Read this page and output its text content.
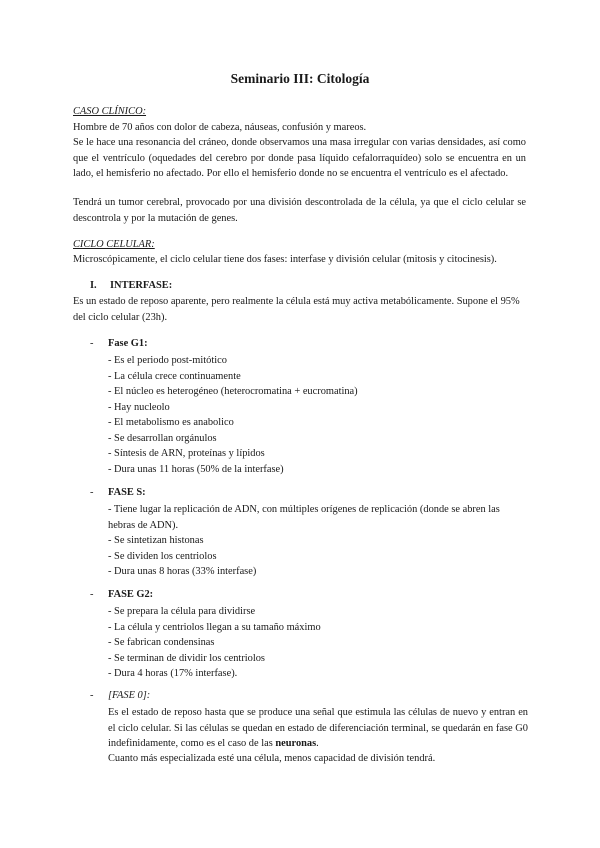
Seminario III: Citología

CASO CLÍNICO:

Hombre de 70 años con dolor de cabeza, náuseas, confusión y mareos.

Se le hace una resonancia del cráneo, donde observamos una masa irregular con varias densidades, así como que el ventrículo (oquedades del cerebro por donde pasa líquido cefalorraquídeo) solo se encuentra en un lado, el hemisferio no afectado. Por ello el hemisferio donde no se encuentra el ventrículo es el afectado.

Tendrá un tumor cerebral, provocado por una división descontrolada de la célula, ya que el ciclo celular se descontrola y por la mutación de genes.

CICLO CELULAR:

Microscópicamente, el ciclo celular tiene dos fases: interfase y división celular (mitosis y citocinesis).

I. INTERFASE:

Es un estado de reposo aparente, pero realmente la célula está muy activa metabólicamente. Supone el 95% del ciclo celular (23h).

- Fase G1:
- Es el periodo post-mitótico
- La célula crece continuamente
- El núcleo es heterogéneo (heterocromatina + eucromatina)
- Hay nucleolo
- El metabolismo es anabolico
- Se desarrollan orgánulos
- Síntesis de ARN, proteínas y lípidos
- Dura unas 11 horas (50% de la interfase)
- FASE S:
- Tiene lugar la replicación de ADN, con múltiples orígenes de replicación (donde se abren las hebras de ADN).
- Se sintetizan histonas
- Se dividen los centriolos
- Dura unas 8 horas (33% interfase)
- FASE G2:
- Se prepara la célula para dividirse
- La célula y centriolos llegan a su tamaño máximo
- Se fabrican condensinas
- Se terminan de dividir los centriolos
- Dura 4 horas (17% interfase).
- [FASE 0]:

Es el estado de reposo hasta que se produce una señal que estimula las células de nuevo y entran en el ciclo celular. Si las células se quedan en estado de diferenciación terminal, se quedarán en fase G0 indefinidamente, como es el caso de las neuronas.

Cuanto más especializada esté una célula, menos capacidad de división tendrá.
